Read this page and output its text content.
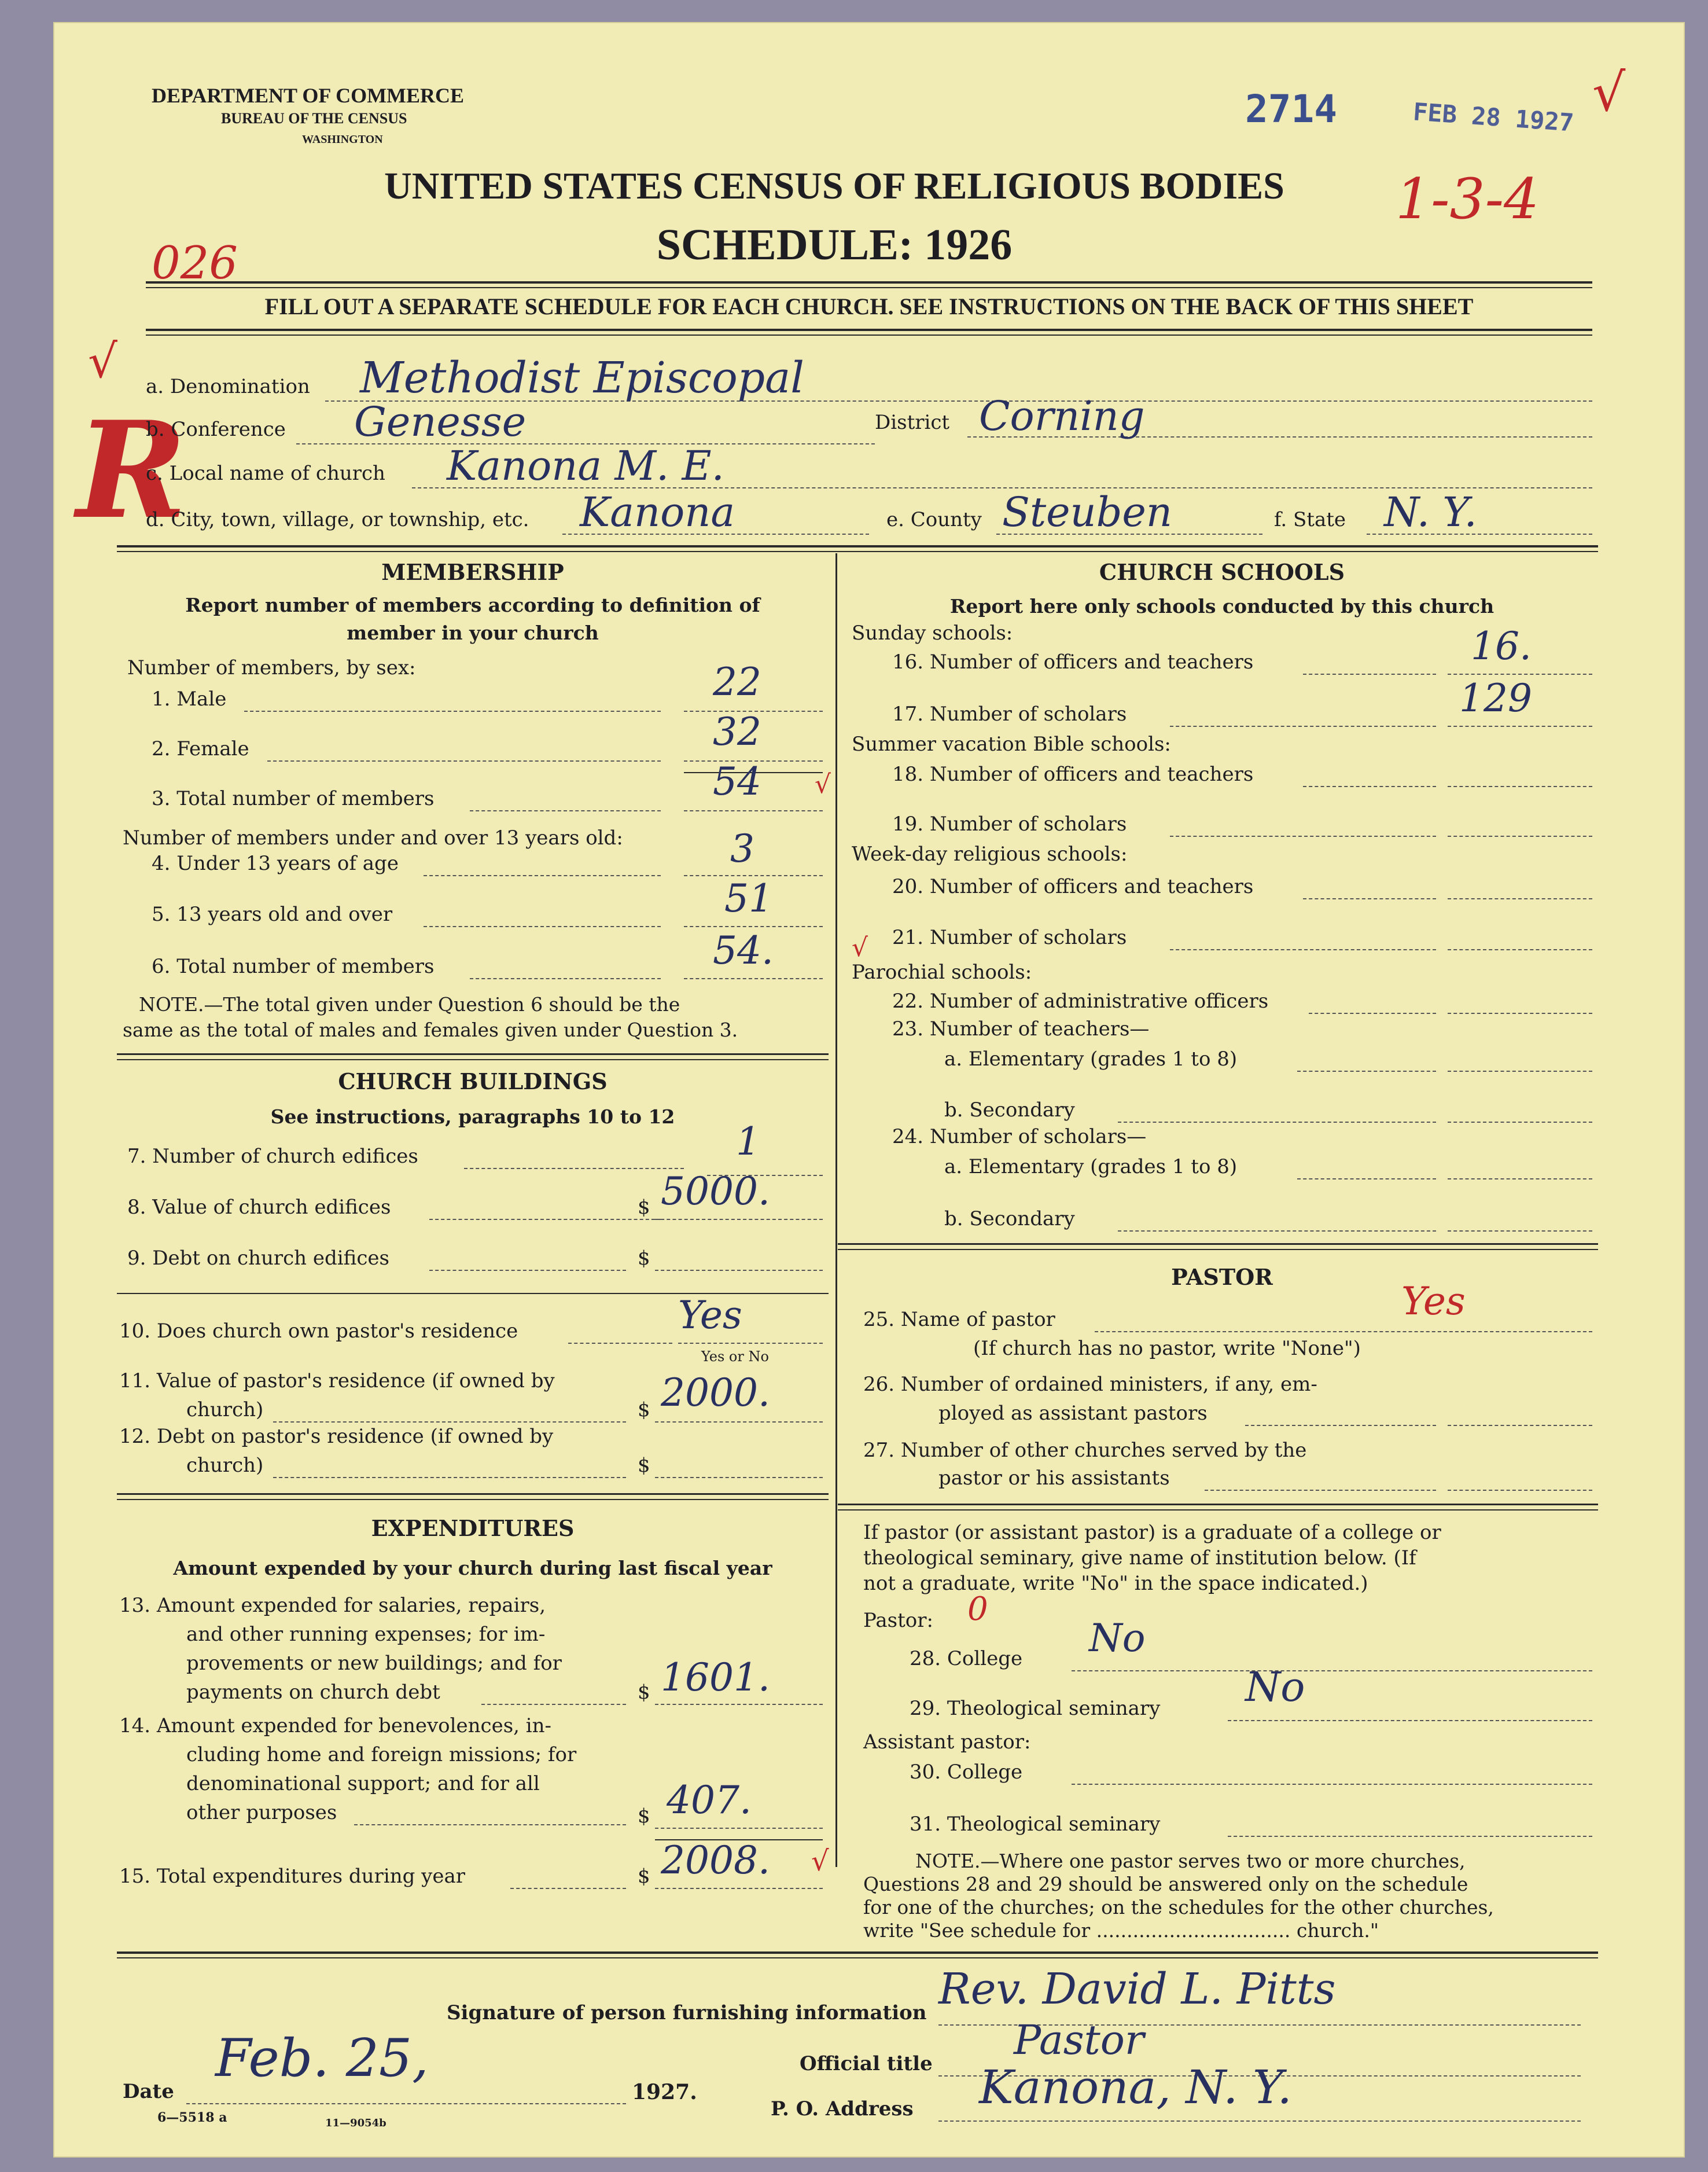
DEPARTMENT OF COMMERCE
BUREAU OF THE CENSUS
WASHINGTON
2714	FEB 28 1927 √
1-3-4
026
UNITED STATES CENSUS OF RELIGIOUS BODIES
SCHEDULE: 1926
FILL OUT A SEPARATE SCHEDULE FOR EACH CHURCH. SEE INSTRUCTIONS ON THE BACK OF THIS SHEET
√
R
a. Denomination Methodist Episcopal
b. Conference Genesse	District Corning
c. Local name of church Kanona M. E.
d. City, town, village, or township, etc. Kanona	e. County Steuben	f. State N. Y.
MEMBERSHIP
Report number of members according to definition of
member in your church
Number of members, by sex:
1. Male	22
2. Female	32
3. Total number of members	54 √
Number of members under and over 13 years old:
4. Under 13 years of age	3
5. 13 years old and over	51
6. Total number of members	54.	√
NOTE.—The total given under Question 6 should be the
same as the total of males and females given under Question 3.
CHURCH BUILDINGS
See instructions, paragraphs 10 to 12
7. Number of church edifices	1
8. Value of church edifices	$ 5000.
9. Debt on church edifices	$
10. Does church own pastor's residence	Yes
Yes or No
11. Value of pastor's residence (if owned by
church)	$ 2000.
12. Debt on pastor's residence (if owned by
church)	$
EXPENDITURES
Amount expended by your church during last fiscal year
13. Amount expended for salaries, repairs,
and other running expenses; for im-
provements or new buildings; and for
payments on church debt	$ 1601.
14. Amount expended for benevolences, in-
cluding home and foreign missions; for
denominational support; and for all
other purposes	$ 407.
15. Total expenditures during year	$ 2008. √
CHURCH SCHOOLS
Report here only schools conducted by this church
Sunday schools:
16. Number of officers and teachers	16.
17. Number of scholars	129
Summer vacation Bible schools:
18. Number of officers and teachers
19. Number of scholars
Week-day religious schools:
20. Number of officers and teachers
21. Number of scholars
Parochial schools:
22. Number of administrative officers
23. Number of teachers—
a. Elementary (grades 1 to 8)
b. Secondary
24. Number of scholars—
a. Elementary (grades 1 to 8)
b. Secondary
PASTOR
25. Name of pastor	Yes
(If church has no pastor, write "None")
26. Number of ordained ministers, if any, em-
ployed as assistant pastors
27. Number of other churches served by the
pastor or his assistants
If pastor (or assistant pastor) is a graduate of a college or
theological seminary, give name of institution below. (If
not a graduate, write "No" in the space indicated.)
Pastor: 0
28. College No
29. Theological seminary No
Assistant pastor:
30. College
31. Theological seminary
NOTE.—Where one pastor serves two or more churches,
Questions 28 and 29 should be answered only on the schedule
for one of the churches; on the schedules for the other churches,
write "See schedule for ................................ church."
Signature of person furnishing information Rev. David L. Pitts
Official title Pastor
Date
Feb. 25,
1927.
P. O. Address Kanona, N. Y.
6—5518 a	11—9054b
